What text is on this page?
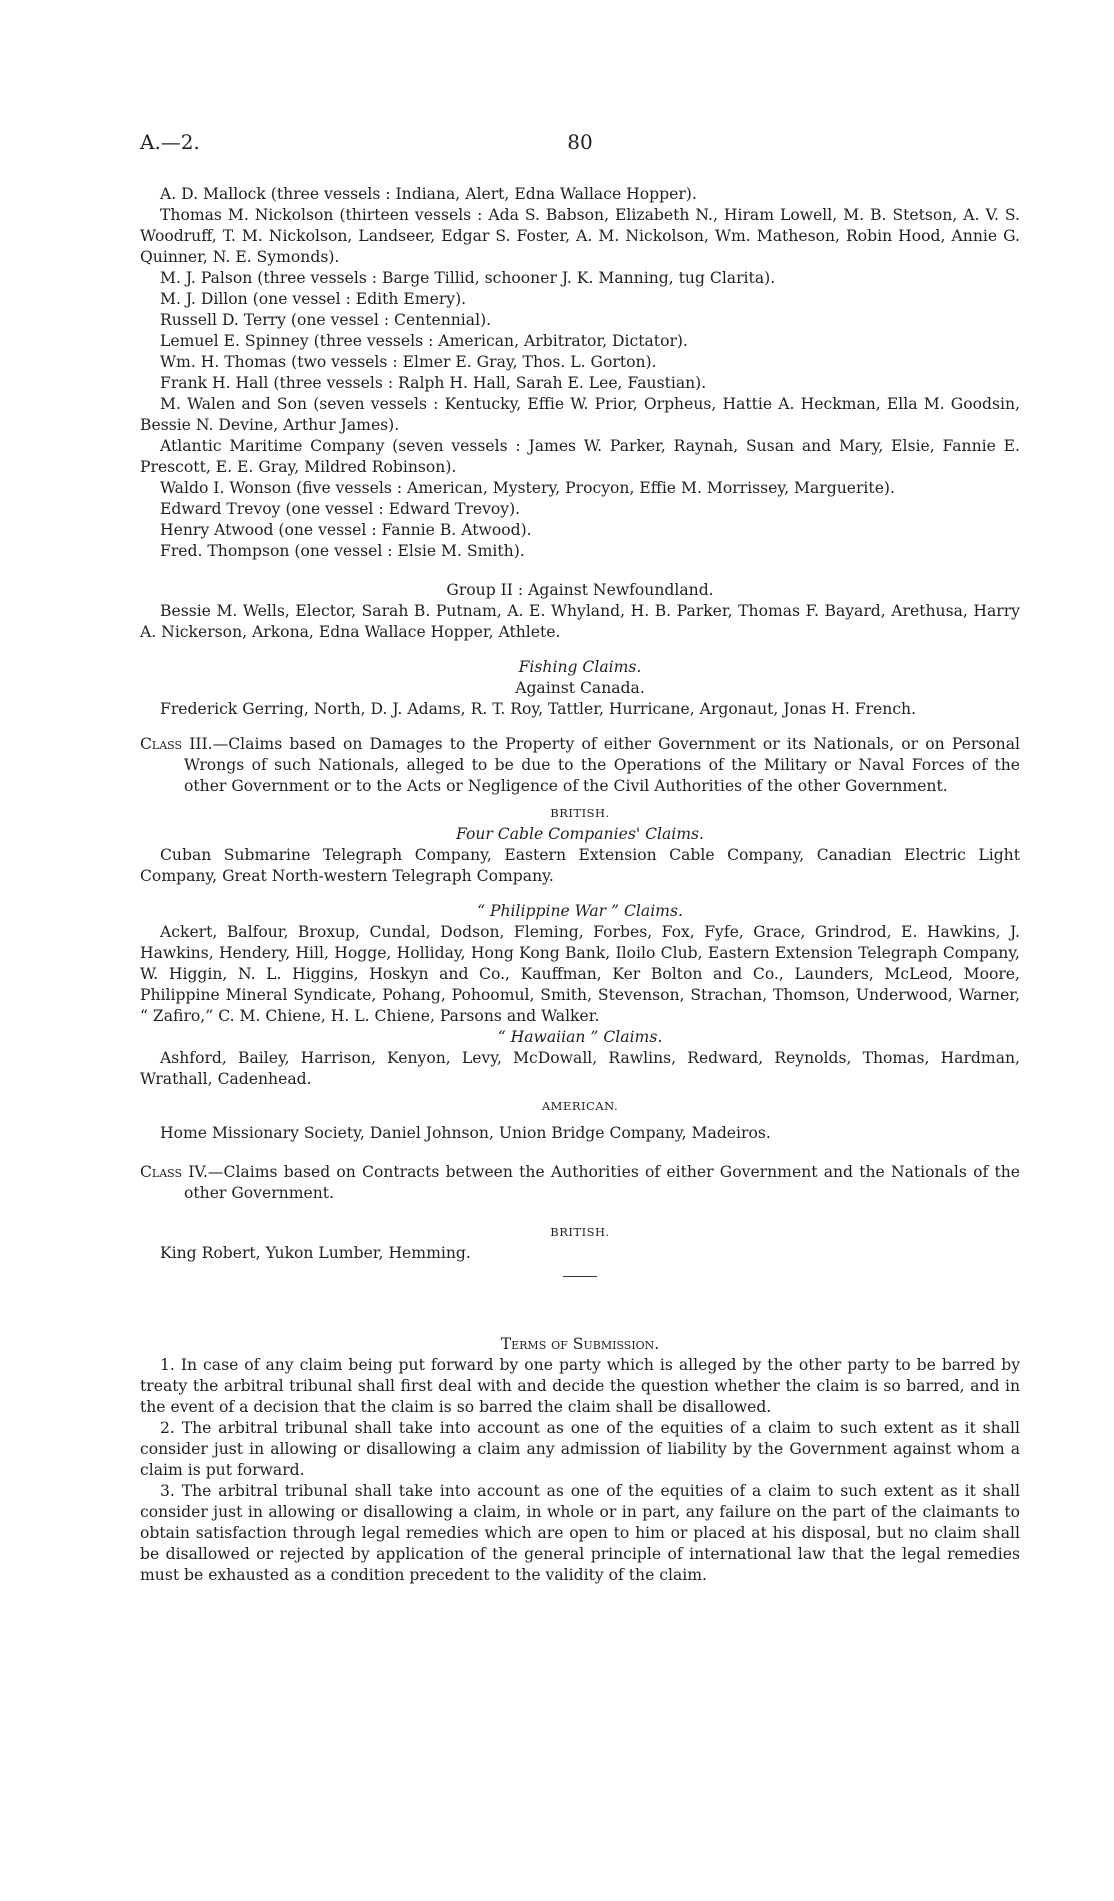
A.—2.	80

A. D. Mallock (three vessels : Indiana, Alert, Edna Wallace Hopper).

Thomas M. Nickolson (thirteen vessels : Ada S. Babson, Elizabeth N., Hiram Lowell, M. B. Stetson, A. V. S. Woodruff, T. M. Nickolson, Landseer, Edgar S. Foster, A. M. Nickolson, Wm. Matheson, Robin Hood, Annie G. Quinner, N. E. Symonds).

M. J. Palson (three vessels : Barge Tillid, schooner J. K. Manning, tug Clarita).

M. J. Dillon (one vessel : Edith Emery).

Russell D. Terry (one vessel : Centennial).

Lemuel E. Spinney (three vessels : American, Arbitrator, Dictator).

Wm. H. Thomas (two vessels : Elmer E. Gray, Thos. L. Gorton).

Frank H. Hall (three vessels : Ralph H. Hall, Sarah E. Lee, Faustian).

M. Walen and Son (seven vessels : Kentucky, Effie W. Prior, Orpheus, Hattie A. Heckman, Ella M. Goodsin, Bessie N. Devine, Arthur James).

Atlantic Maritime Company (seven vessels : James W. Parker, Raynah, Susan and Mary, Elsie, Fannie E. Prescott, E. E. Gray, Mildred Robinson).

Waldo I. Wonson (five vessels : American, Mystery, Procyon, Effie M. Morrissey, Marguerite).

Edward Trevoy (one vessel : Edward Trevoy).

Henry Atwood (one vessel : Fannie B. Atwood).

Fred. Thompson (one vessel : Elsie M. Smith).

Group II : Against Newfoundland.

Bessie M. Wells, Elector, Sarah B. Putnam, A. E. Whyland, H. B. Parker, Thomas F. Bayard, Arethusa, Harry A. Nickerson, Arkona, Edna Wallace Hopper, Athlete.

Fishing Claims.

Against Canada.

Frederick Gerring, North, D. J. Adams, R. T. Roy, Tattler, Hurricane, Argonaut, Jonas H. French.

Class III.—Claims based on Damages to the Property of either Government or its Nationals, or on Personal Wrongs of such Nationals, alleged to be due to the Operations of the Military or Naval Forces of the other Government or to the Acts or Negligence of the Civil Authorities of the other Government.

BRITISH.

Four Cable Companies' Claims.

Cuban Submarine Telegraph Company, Eastern Extension Cable Company, Canadian Electric Light Company, Great North-western Telegraph Company.

“ Philippine War ” Claims.

Ackert, Balfour, Broxup, Cundal, Dodson, Fleming, Forbes, Fox, Fyfe, Grace, Grindrod, E. Hawkins, J. Hawkins, Hendery, Hill, Hogge, Holliday, Hong Kong Bank, Iloilo Club, Eastern Extension Telegraph Company, W. Higgin, N. L. Higgins, Hoskyn and Co., Kauffman, Ker Bolton and Co., Launders, McLeod, Moore, Philippine Mineral Syndicate, Pohang, Pohoomul, Smith, Stevenson, Strachan, Thomson, Underwood, Warner, “ Zafiro,” C. M. Chiene, H. L. Chiene, Parsons and Walker.

“ Hawaiian ” Claims.

Ashford, Bailey, Harrison, Kenyon, Levy, McDowall, Rawlins, Redward, Reynolds, Thomas, Hardman, Wrathall, Cadenhead.

AMERICAN.

Home Missionary Society, Daniel Johnson, Union Bridge Company, Madeiros.

Class IV.—Claims based on Contracts between the Authorities of either Government and the Nationals of the other Government.

BRITISH.

King Robert, Yukon Lumber, Hemming.

Terms of Submission.

1. In case of any claim being put forward by one party which is alleged by the other party to be barred by treaty the arbitral tribunal shall first deal with and decide the question whether the claim is so barred, and in the event of a decision that the claim is so barred the claim shall be disallowed.

2. The arbitral tribunal shall take into account as one of the equities of a claim to such extent as it shall consider just in allowing or disallowing a claim any admission of liability by the Government against whom a claim is put forward.

3. The arbitral tribunal shall take into account as one of the equities of a claim to such extent as it shall consider just in allowing or disallowing a claim, in whole or in part, any failure on the part of the claimants to obtain satisfaction through legal remedies which are open to him or placed at his disposal, but no claim shall be disallowed or rejected by application of the general principle of international law that the legal remedies must be exhausted as a condition precedent to the validity of the claim.
